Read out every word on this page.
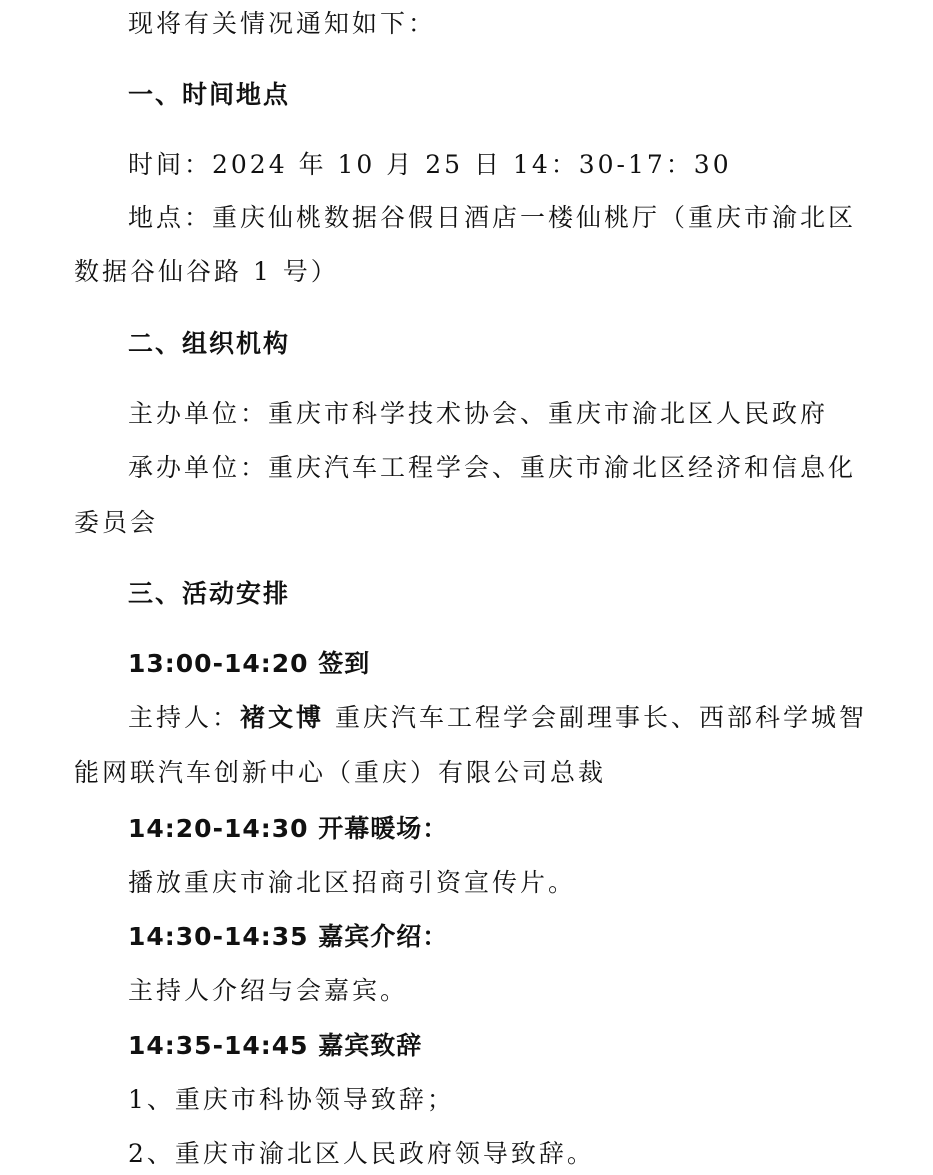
现将有关情况通知如下：
一、时间地点
时间：2024 年 10 月 25 日 14：30-17：30
地点：重庆仙桃数据谷假日酒店一楼仙桃厅（重庆市渝北区
数据谷仙谷路 1 号）
二、组织机构
主办单位：重庆市科学技术协会、重庆市渝北区人民政府
承办单位：重庆汽车工程学会、重庆市渝北区经济和信息化
委员会
三、活动安排
13:00-14:20 签到
主持人：褚文博 重庆汽车工程学会副理事长、西部科学城智
能网联汽车创新中心（重庆）有限公司总裁
14:20-14:30 开幕暖场：
播放重庆市渝北区招商引资宣传片。
14:30-14:35 嘉宾介绍：
主持人介绍与会嘉宾。
14:35-14:45 嘉宾致辞
1、重庆市科协领导致辞；
2、重庆市渝北区人民政府领导致辞。
